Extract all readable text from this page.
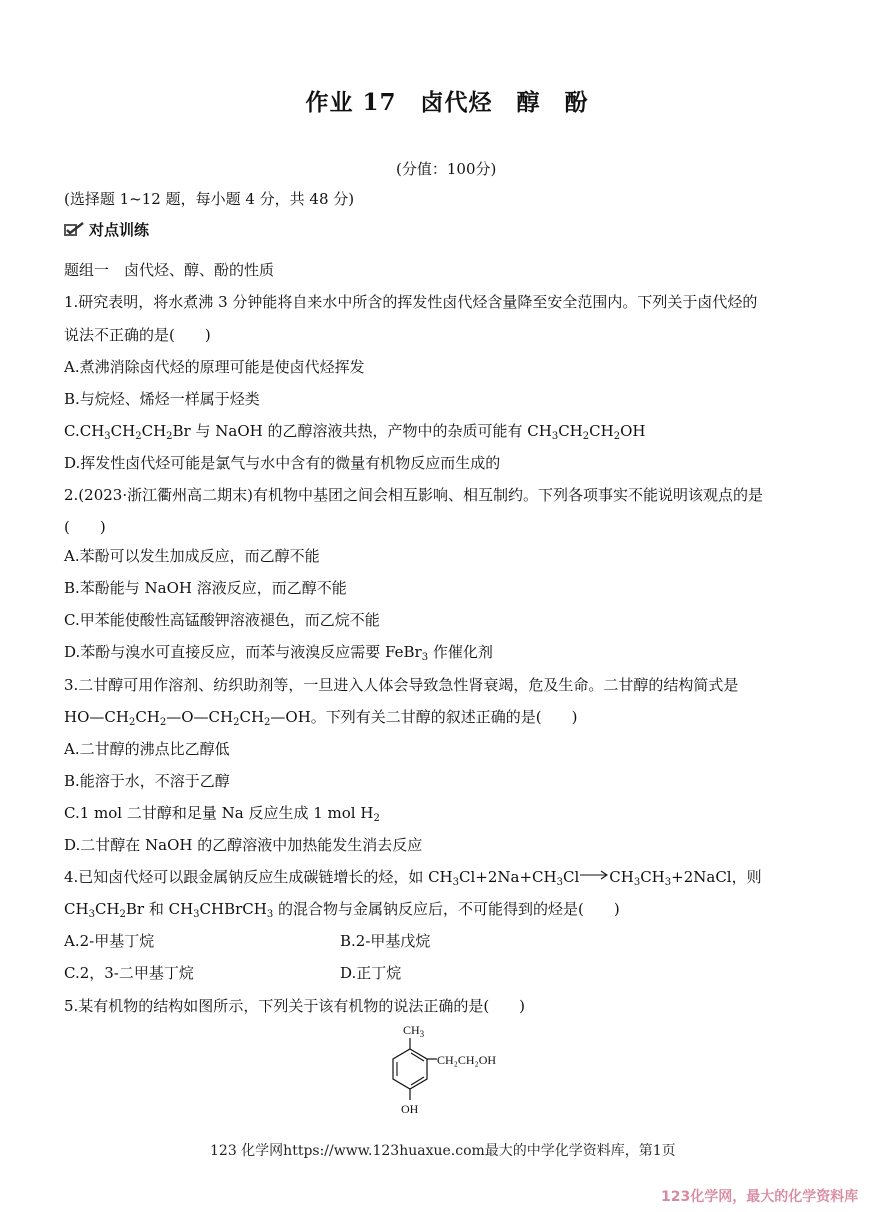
作业 17　卤代烃　醇　酚
(分值：100分)
(选择题 1~12 题，每小题 4 分，共 48 分)
对点训练
题组一　卤代烃、醇、酚的性质
1.研究表明，将水煮沸 3 分钟能将自来水中所含的挥发性卤代烃含量降至安全范围内。下列关于卤代烃的
说法不正确的是(　　)
A.煮沸消除卤代烃的原理可能是使卤代烃挥发
B.与烷烃、烯烃一样属于烃类
$C.CH_3CH_2CH_2Br$ 与 NaOH 的乙醇溶液共热，产物中的杂质可能有 $CH_3CH_2CH_2OH$
D.挥发性卤代烃可能是氯气与水中含有的微量有机物反应而生成的
2.(2023·浙江衢州高二期末)有机物中基团之间会相互影响、相互制约。下列各项事实不能说明该观点的是
(　　)
A.苯酚可以发生加成反应，而乙醇不能
B.苯酚能与 NaOH 溶液反应，而乙醇不能
C.甲苯能使酸性高锰酸钾溶液褪色，而乙烷不能
D.苯酚与溴水可直接反应，而苯与液溴反应需要 FeBr$_3$ 作催化剂
3.二甘醇可用作溶剂、纺织助剂等，一旦进入人体会导致急性肾衰竭，危及生命。二甘醇的结构简式是
$HO—CH_2CH_2—O—CH_2CH_2—OH$。下列有关二甘醇的叙述正确的是(　　)
A.二甘醇的沸点比乙醇低
B.能溶于水，不溶于乙醇
C.1 mol 二甘醇和足量 Na 反应生成 1 mol $H_2$
D.二甘醇在 NaOH 的乙醇溶液中加热能发生消去反应
4.已知卤代烃可以跟金属钠反应生成碳链增长的烃，如 $CH_3Cl+2Na+CH_3Cl$ $CH_3CH_3+2NaCl$，则
$CH_3CH_2Br$ 和 $CH_3CHBrCH_3$ 的混合物与金属钠反应后，不可能得到的烃是(　　)
A.2-甲基丁烷	B.2-甲基戊烷
C.2，3-二甲基丁烷	D.正丁烷
5.某有机物的结构如图所示，下列关于该有机物的说法正确的是(　　)
$CH_3$
CH₂CH₂OH
OH
123 化学网https://www.123huaxue.com最大的中学化学资料库，第1页
123化学网，最大的化学资料库
